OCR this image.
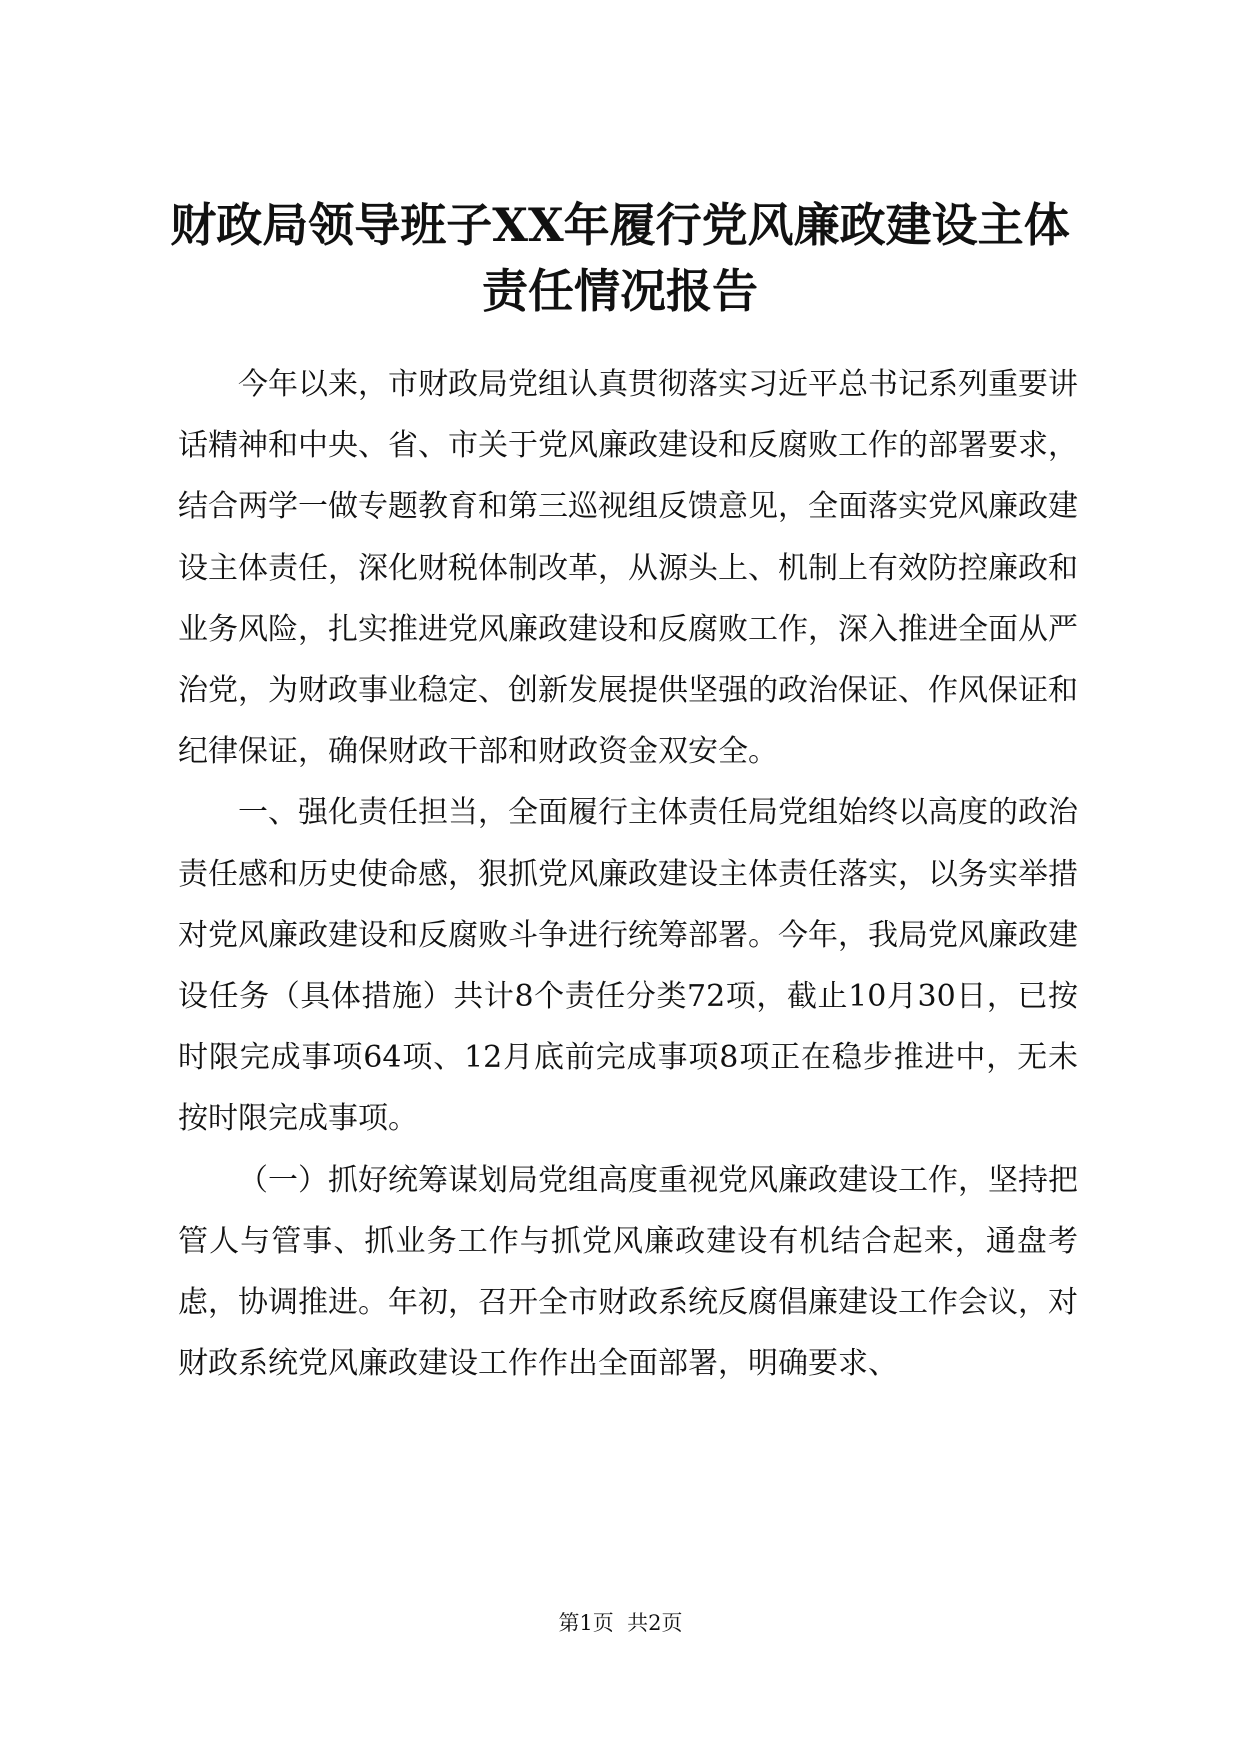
财政局领导班子XX年履行党风廉政建设主体
责任情况报告

今年以来，市财政局党组认真贯彻落实习近平总书记系列重要讲话精神和中央、省、市关于党风廉政建设和反腐败工作的部署要求，结合两学一做专题教育和第三巡视组反馈意见，全面落实党风廉政建设主体责任，深化财税体制改革，从源头上、机制上有效防控廉政和业务风险，扎实推进党风廉政建设和反腐败工作，深入推进全面从严治党，为财政事业稳定、创新发展提供坚强的政治保证、作风保证和纪律保证，确保财政干部和财政资金双安全。

一、强化责任担当，全面履行主体责任局党组始终以高度的政治责任感和历史使命感，狠抓党风廉政建设主体责任落实，以务实举措对党风廉政建设和反腐败斗争进行统筹部署。今年，我局党风廉政建设任务（具体措施）共计8个责任分类72项，截止10月30日，已按时限完成事项64项、12月底前完成事项8项正在稳步推进中，无未按时限完成事项。

（一）抓好统筹谋划局党组高度重视党风廉政建设工作，坚持把管人与管事、抓业务工作与抓党风廉政建设有机结合起来，通盘考虑，协调推进。年初，召开全市财政系统反腐倡廉建设工作会议，对财政系统党风廉政建设工作作出全面部署，明确要求、

第1页 共2页
